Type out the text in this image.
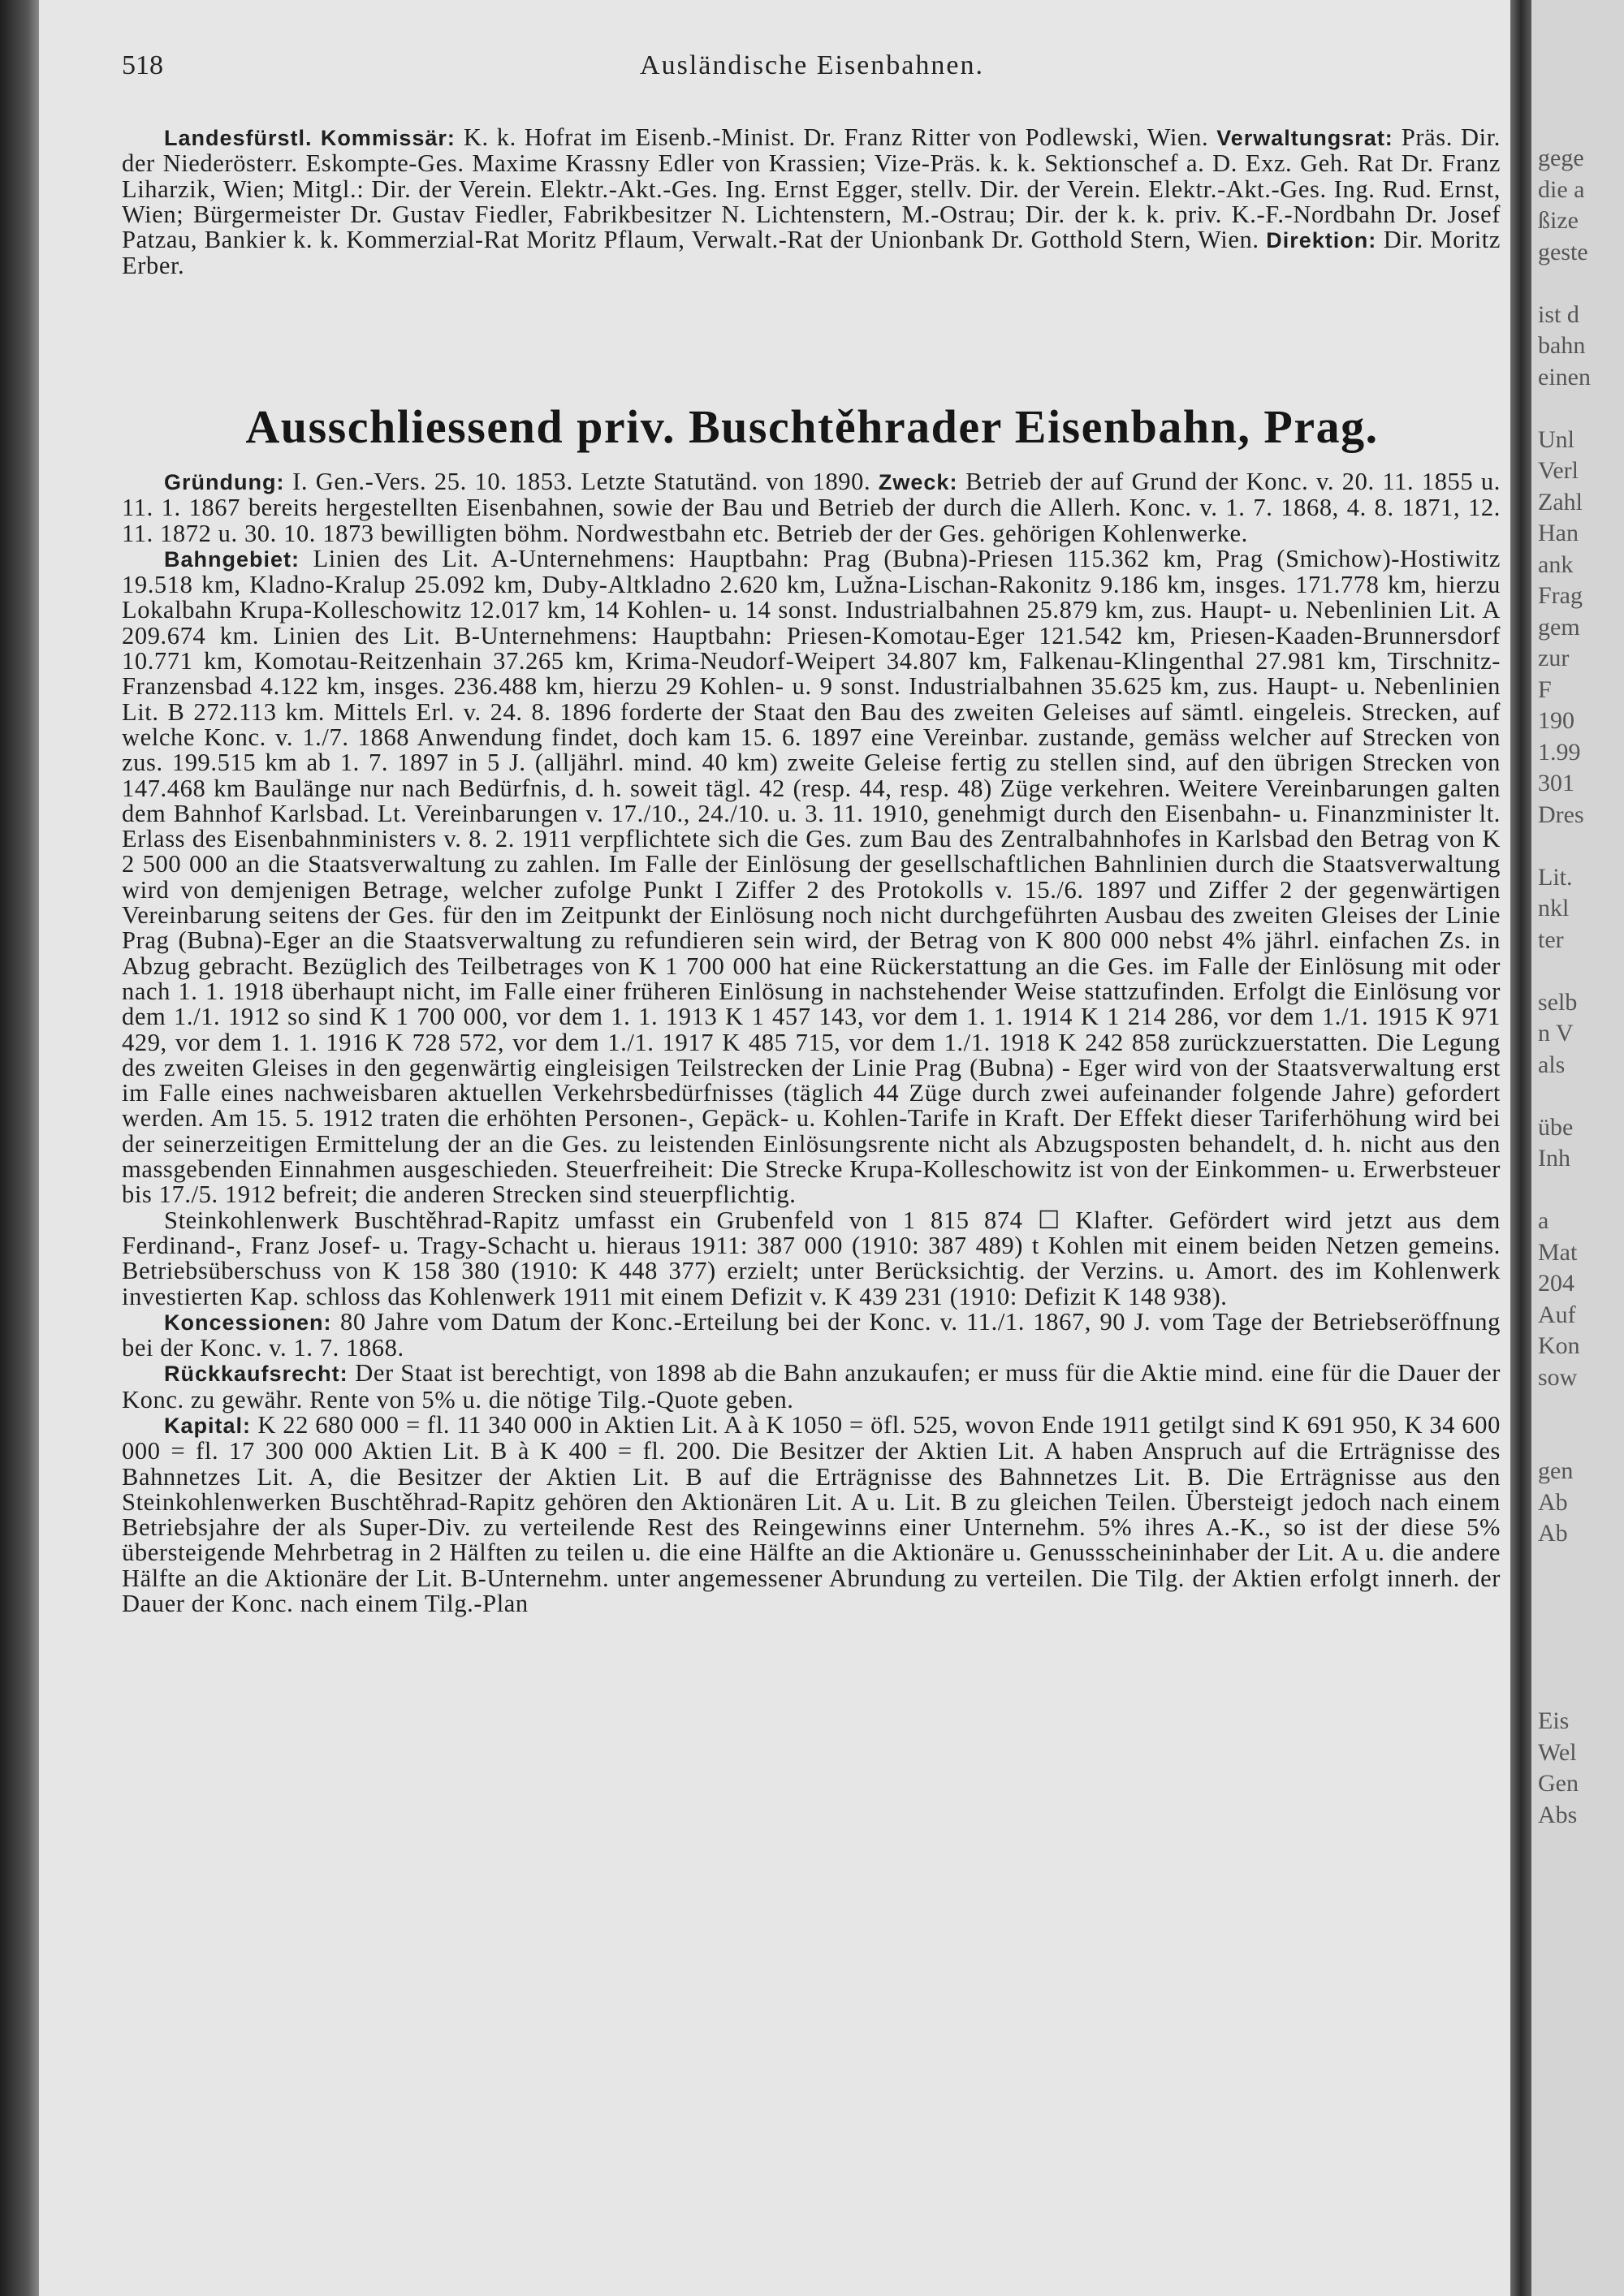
518	Ausländische Eisenbahnen.

Landesfürstl. Kommissär: K. k. Hofrat im Eisenb.-Minist. Dr. Franz Ritter von Podlewski, Wien. Verwaltungsrat: Präs. Dir. der Niederösterr. Eskompte-Ges. Maxime Krassny Edler von Krassien; Vize-Präs. k. k. Sektionschef a. D. Exz. Geh. Rat Dr. Franz Liharzik, Wien; Mitgl.: Dir. der Verein. Elektr.-Akt.-Ges. Ing. Ernst Egger, stellv. Dir. der Verein. Elektr.-Akt.-Ges. Ing. Rud. Ernst, Wien; Bürgermeister Dr. Gustav Fiedler, Fabrikbesitzer N. Lichtenstern, M.-Ostrau; Dir. der k. k. priv. K.-F.-Nordbahn Dr. Josef Patzau, Bankier k. k. Kommerzial-Rat Moritz Pflaum, Verwalt.-Rat der Unionbank Dr. Gotthold Stern, Wien. Direktion: Dir. Moritz Erber.

Ausschliessend priv. Buschtěhrader Eisenbahn, Prag.

Gründung: I. Gen.-Vers. 25. 10. 1853. Letzte Statutänd. von 1890. Zweck: Betrieb der auf Grund der Konc. v. 20. 11. 1855 u. 11. 1. 1867 bereits hergestellten Eisenbahnen, sowie der Bau und Betrieb der durch die Allerh. Konc. v. 1. 7. 1868, 4. 8. 1871, 12. 11. 1872 u. 30. 10. 1873 bewilligten böhm. Nordwestbahn etc. Betrieb der der Ges. gehörigen Kohlenwerke.

Bahngebiet: Linien des Lit. A-Unternehmens: Hauptbahn: Prag (Bubna)-Priesen 115.362 km, Prag (Smichow)-Hostiwitz 19.518 km, Kladno-Kralup 25.092 km, Duby-Altkladno 2.620 km, Lužna-Lischan-Rakonitz 9.186 km, insges. 171.778 km, hierzu Lokalbahn Krupa-Kolleschowitz 12.017 km, 14 Kohlen- u. 14 sonst. Industrialbahnen 25.879 km, zus. Haupt- u. Nebenlinien Lit. A 209.674 km. Linien des Lit. B-Unternehmens: Hauptbahn: Priesen-Komotau-Eger 121.542 km, Priesen-Kaaden-Brunnersdorf 10.771 km, Komotau-Reitzenhain 37.265 km, Krima-Neudorf-Weipert 34.807 km, Falkenau-Klingenthal 27.981 km, Tirschnitz-Franzensbad 4.122 km, insges. 236.488 km, hierzu 29 Kohlen- u. 9 sonst. Industrialbahnen 35.625 km, zus. Haupt- u. Nebenlinien Lit. B 272.113 km. Mittels Erl. v. 24. 8. 1896 forderte der Staat den Bau des zweiten Geleises auf sämtl. eingeleis. Strecken, auf welche Konc. v. 1./7. 1868 Anwendung findet, doch kam 15. 6. 1897 eine Vereinbar. zustande, gemäss welcher auf Strecken von zus. 199.515 km ab 1. 7. 1897 in 5 J. (alljährl. mind. 40 km) zweite Geleise fertig zu stellen sind, auf den übrigen Strecken von 147.468 km Baulänge nur nach Bedürfnis, d. h. soweit tägl. 42 (resp. 44, resp. 48) Züge verkehren. Weitere Vereinbarungen galten dem Bahnhof Karlsbad. Lt. Vereinbarungen v. 17./10., 24./10. u. 3. 11. 1910, genehmigt durch den Eisenbahn- u. Finanzminister lt. Erlass des Eisenbahnministers v. 8. 2. 1911 verpflichtete sich die Ges. zum Bau des Zentralbahnhofes in Karlsbad den Betrag von K 2 500 000 an die Staatsverwaltung zu zahlen. Im Falle der Einlösung der gesellschaftlichen Bahnlinien durch die Staatsverwaltung wird von demjenigen Betrage, welcher zufolge Punkt I Ziffer 2 des Protokolls v. 15./6. 1897 und Ziffer 2 der gegenwärtigen Vereinbarung seitens der Ges. für den im Zeitpunkt der Einlösung noch nicht durchgeführten Ausbau des zweiten Gleises der Linie Prag (Bubna)-Eger an die Staatsverwaltung zu refundieren sein wird, der Betrag von K 800 000 nebst 4% jährl. einfachen Zs. in Abzug gebracht. Bezüglich des Teilbetrages von K 1 700 000 hat eine Rückerstattung an die Ges. im Falle der Einlösung mit oder nach 1. 1. 1918 überhaupt nicht, im Falle einer früheren Einlösung in nachstehender Weise stattzufinden. Erfolgt die Einlösung vor dem 1./1. 1912 so sind K 1 700 000, vor dem 1. 1. 1913 K 1 457 143, vor dem 1. 1. 1914 K 1 214 286, vor dem 1./1. 1915 K 971 429, vor dem 1. 1. 1916 K 728 572, vor dem 1./1. 1917 K 485 715, vor dem 1./1. 1918 K 242 858 zurückzuerstatten. Die Legung des zweiten Gleises in den gegenwärtig eingleisigen Teilstrecken der Linie Prag (Bubna) - Eger wird von der Staatsverwaltung erst im Falle eines nachweisbaren aktuellen Verkehrsbedürfnisses (täglich 44 Züge durch zwei aufeinander folgende Jahre) gefordert werden. Am 15. 5. 1912 traten die erhöhten Personen-, Gepäck- u. Kohlen-Tarife in Kraft. Der Effekt dieser Tariferhöhung wird bei der seinerzeitigen Ermittelung der an die Ges. zu leistenden Einlösungsrente nicht als Abzugsposten behandelt, d. h. nicht aus den massgebenden Einnahmen ausgeschieden. Steuerfreiheit: Die Strecke Krupa-Kolleschowitz ist von der Einkommen- u. Erwerbsteuer bis 17./5. 1912 befreit; die anderen Strecken sind steuerpflichtig.

Steinkohlenwerk Buschtěhrad-Rapitz umfasst ein Grubenfeld von 1 815 874 ☐ Klafter. Gefördert wird jetzt aus dem Ferdinand-, Franz Josef- u. Tragy-Schacht u. hieraus 1911: 387 000 (1910: 387 489) t Kohlen mit einem beiden Netzen gemeins. Betriebsüberschuss von K 158 380 (1910: K 448 377) erzielt; unter Berücksichtig. der Verzins. u. Amort. des im Kohlenwerk investierten Kap. schloss das Kohlenwerk 1911 mit einem Defizit v. K 439 231 (1910: Defizit K 148 938).

Koncessionen: 80 Jahre vom Datum der Konc.-Erteilung bei der Konc. v. 11./1. 1867, 90 J. vom Tage der Betriebseröffnung bei der Konc. v. 1. 7. 1868.

Rückkaufsrecht: Der Staat ist berechtigt, von 1898 ab die Bahn anzukaufen; er muss für die Aktie mind. eine für die Dauer der Konc. zu gewähr. Rente von 5% u. die nötige Tilg.-Quote geben.

Kapital: K 22 680 000 = fl. 11 340 000 in Aktien Lit. A à K 1050 = öfl. 525, wovon Ende 1911 getilgt sind K 691 950, K 34 600 000 = fl. 17 300 000 Aktien Lit. B à K 400 = fl. 200. Die Besitzer der Aktien Lit. A haben Anspruch auf die Erträgnisse des Bahnnetzes Lit. A, die Besitzer der Aktien Lit. B auf die Erträgnisse des Bahnnetzes Lit. B. Die Erträgnisse aus den Steinkohlenwerken Buschtěhrad-Rapitz gehören den Aktionären Lit. A u. Lit. B zu gleichen Teilen. Übersteigt jedoch nach einem Betriebsjahre der als Super-Div. zu verteilende Rest des Reingewinns einer Unternehm. 5% ihres A.-K., so ist der diese 5% übersteigende Mehrbetrag in 2 Hälften zu teilen u. die eine Hälfte an die Aktionäre u. Genussscheininhaber der Lit. A u. die andere Hälfte an die Aktionäre der Lit. B-Unternehm. unter angemessener Abrundung zu verteilen. Die Tilg. der Aktien erfolgt innerh. der Dauer der Konc. nach einem Tilg.-Plan

gege
die a
ßize
geste
ist d
bahn
einen
Unl
Verl
Zahl
Han
ank
Frag
gem
zur
F
190
1.99
301
Dres
Lit.
nkl
ter
selb
n V
als
übe
Inh
a
Mat
204
Auf
Kon
sow
gen
Ab
Ab
Eis
Wel
Gen
Abs
